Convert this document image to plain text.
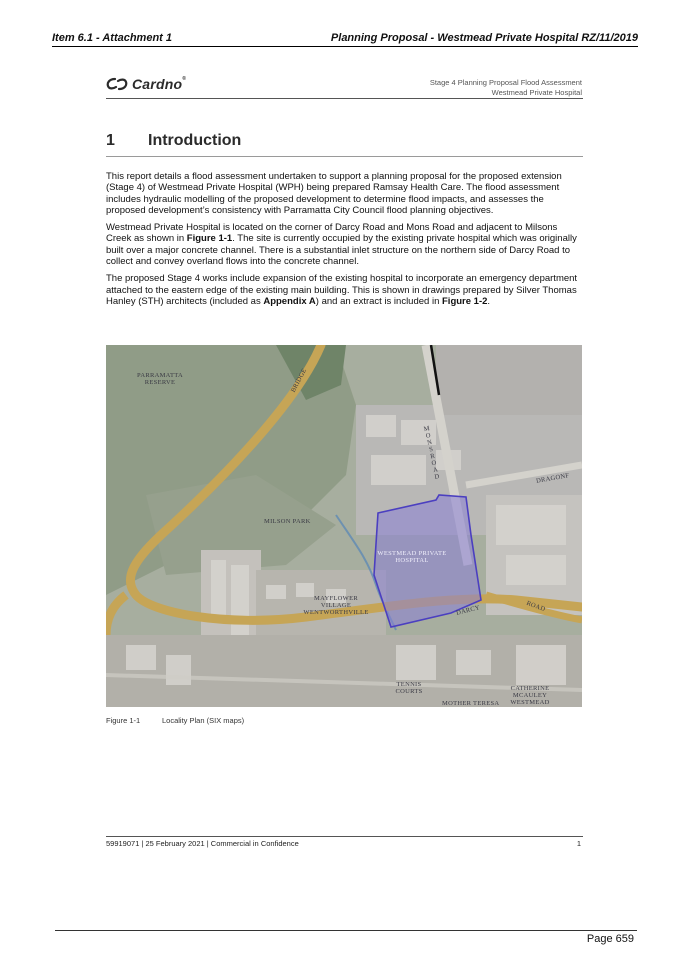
Item 6.1 - Attachment 1	Planning Proposal - Westmead Private Hospital RZ/11/2019
Cardno®	Stage 4 Planning Proposal Flood Assessment
Westmead Private Hospital
1 Introduction

This report details a flood assessment undertaken to support a planning proposal for the proposed extension (Stage 4) of Westmead Private Hospital (WPH) being prepared Ramsay Health Care. The flood assessment includes hydraulic modelling of the proposed development to determine flood impacts, and assesses the proposed development’s consistency with Parramatta City Council flood planning objectives.

Westmead Private Hospital is located on the corner of Darcy Road and Mons Road and adjacent to Milsons Creek as shown in Figure 1-1. The site is currently occupied by the existing private hospital which was originally built over a major concrete channel. There is a substantial inlet structure on the northern side of Darcy Road to collect and convey overland flows into the concrete channel.

The proposed Stage 4 works include expansion of the existing hospital to incorporate an emergency department attached to the eastern edge of the existing main building. This is shown in drawings prepared by Silver Thomas Hanley (STH) architects (included as Appendix A) and an extract is included in Figure 1-2.

PARRAMATTA RESERVE	BRIDGE
MONS ROAD	DRAGONF
MILSON PARK
WESTMEAD PRIVATE HOSPITAL
MAYFLOWER VILLAGE WENTWORTHVILLE	DARCY	ROAD
TENNIS COURTS	CATHERINE MCAULEY WESTMEAD
MOTHER TERESA
Figure 1-1	Locality Plan (SIX maps)
59919071 | 25 February 2021 | Commercial in Confidence	1
Page 659
